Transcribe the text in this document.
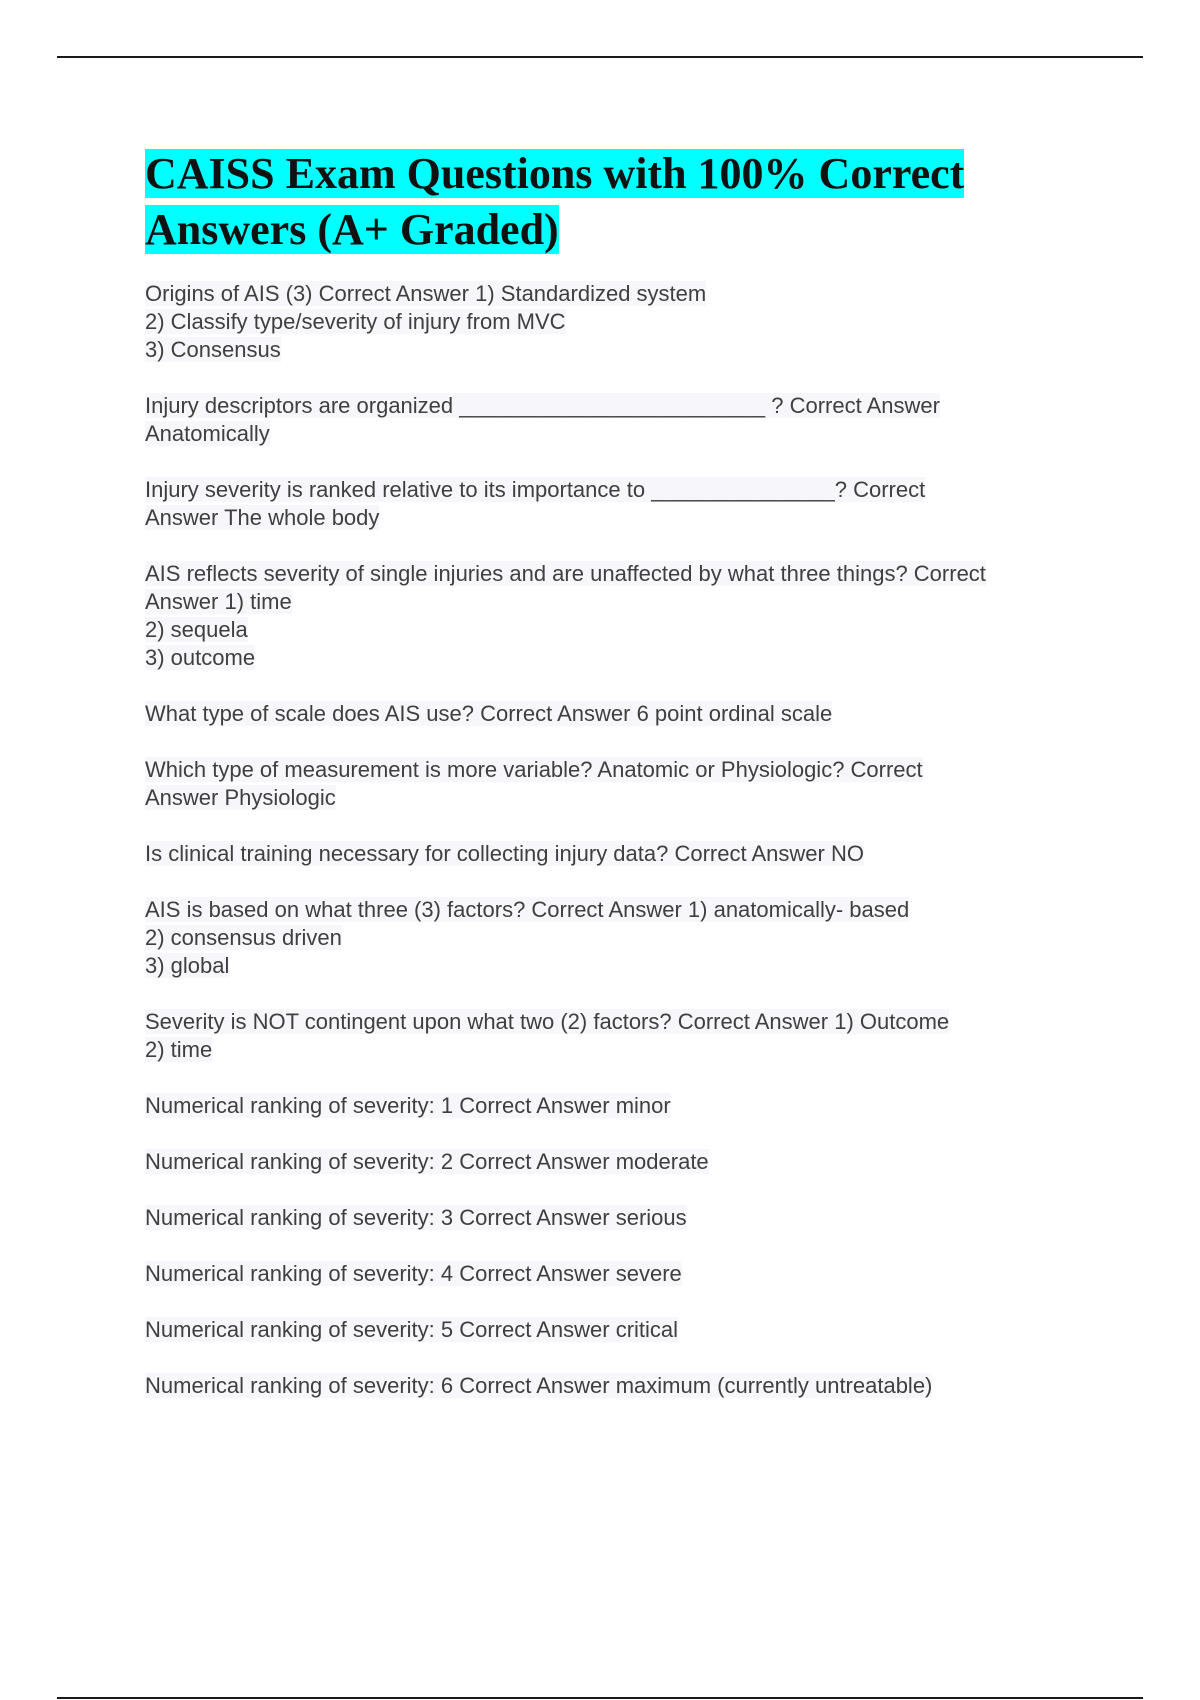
CAISS Exam Questions with 100% Correct
Answers (A+ Graded)
Origins of AIS (3) Correct Answer 1) Standardized system
2) Classify type/severity of injury from MVC
3) Consensus
Injury descriptors are organized _________________________ ? Correct Answer
Anatomically
Injury severity is ranked relative to its importance to _______________? Correct
Answer The whole body
AIS reflects severity of single injuries and are unaffected by what three things? Correct
Answer 1) time
2) sequela
3) outcome
What type of scale does AIS use? Correct Answer 6 point ordinal scale
Which type of measurement is more variable? Anatomic or Physiologic? Correct
Answer Physiologic
Is clinical training necessary for collecting injury data? Correct Answer NO
AIS is based on what three (3) factors? Correct Answer 1) anatomically- based
2) consensus driven
3) global
Severity is NOT contingent upon what two (2) factors? Correct Answer 1) Outcome
2) time
Numerical ranking of severity: 1 Correct Answer minor
Numerical ranking of severity: 2 Correct Answer moderate
Numerical ranking of severity: 3 Correct Answer serious
Numerical ranking of severity: 4 Correct Answer severe
Numerical ranking of severity: 5 Correct Answer critical
Numerical ranking of severity: 6 Correct Answer maximum (currently untreatable)
